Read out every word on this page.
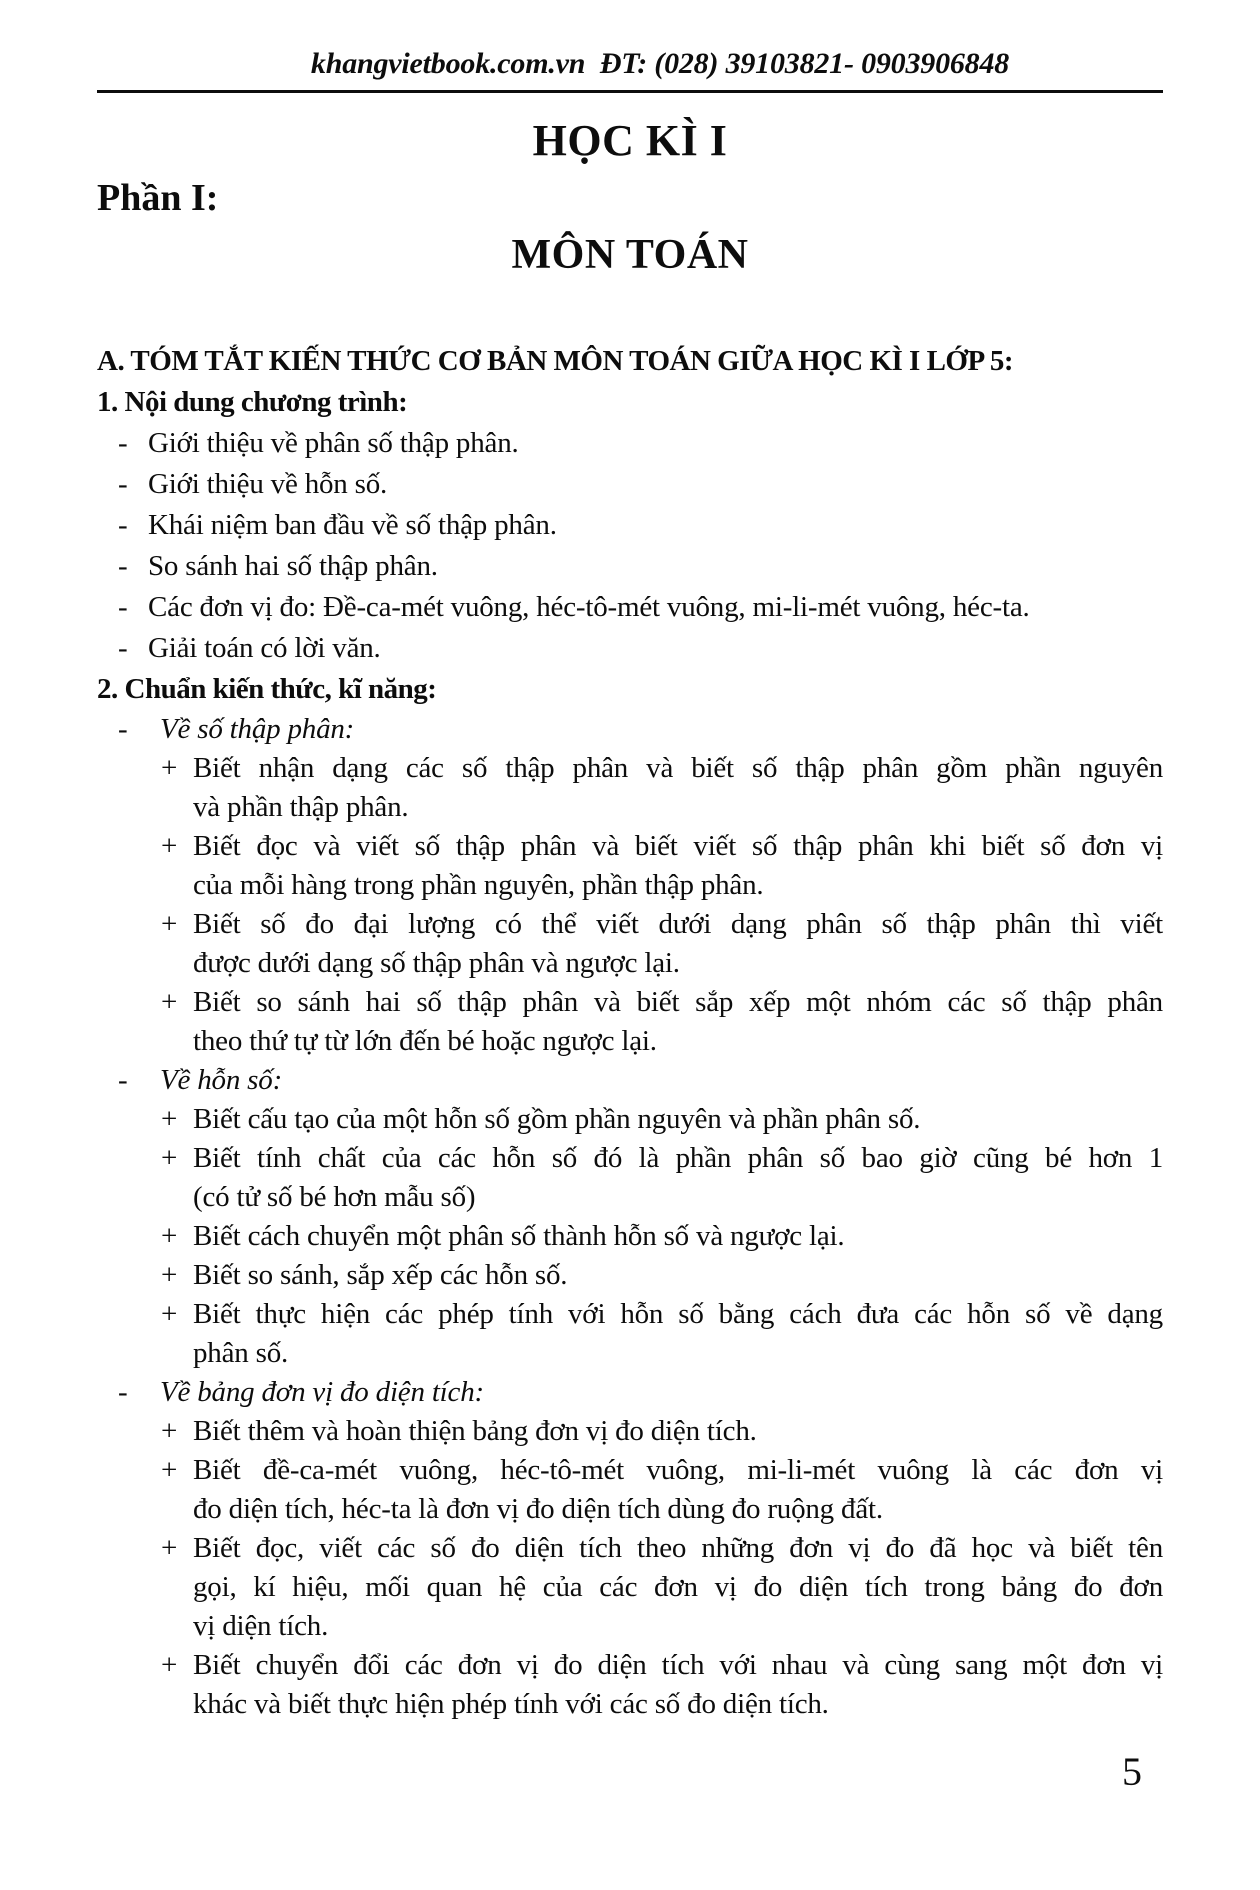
khangvietbook.com.vn  ĐT: (028) 39103821- 0903906848
HỌC KÌ I
Phần I:
MÔN TOÁN
A. TÓM TẮT KIẾN THỨC CƠ BẢN MÔN TOÁN GIỮA HỌC KÌ I LỚP 5:
1. Nội dung chương trình:
- Giới thiệu về phân số thập phân.
- Giới thiệu về hỗn số.
- Khái niệm ban đầu về số thập phân.
- So sánh hai số thập phân.
- Các đơn vị đo: Đề-ca-mét vuông, héc-tô-mét vuông, mi-li-mét vuông, héc-ta.
- Giải toán có lời văn.
2. Chuẩn kiến thức, kĩ năng:
- Về số thập phân:
+ Biết nhận dạng các số thập phân và biết số thập phân gồm phần nguyên
và phần thập phân.
+ Biết đọc và viết số thập phân và biết viết số thập phân khi biết số đơn vị
của mỗi hàng trong phần nguyên, phần thập phân.
+ Biết số đo đại lượng có thể viết dưới dạng phân số thập phân thì viết
được dưới dạng số thập phân và ngược lại.
+ Biết so sánh hai số thập phân và biết sắp xếp một nhóm các số thập phân
theo thứ tự từ lớn đến bé hoặc ngược lại.
- Về hỗn số:
+ Biết cấu tạo của một hỗn số gồm phần nguyên và phần phân số.
+ Biết tính chất của các hỗn số đó là phần phân số bao giờ cũng bé hơn 1
(có tử số bé hơn mẫu số)
+ Biết cách chuyển một phân số thành hỗn số và ngược lại.
+ Biết so sánh, sắp xếp các hỗn số.
+ Biết thực hiện các phép tính với hỗn số bằng cách đưa các hỗn số về dạng
phân số.
- Về bảng đơn vị đo diện tích:
+ Biết thêm và hoàn thiện bảng đơn vị đo diện tích.
+ Biết đề-ca-mét vuông, héc-tô-mét vuông, mi-li-mét vuông là các đơn vị
đo diện tích, héc-ta là đơn vị đo diện tích dùng đo ruộng đất.
+ Biết đọc, viết các số đo diện tích theo những đơn vị đo đã học và biết tên
gọi, kí hiệu, mối quan hệ của các đơn vị đo diện tích trong bảng đo đơn
vị diện tích.
+ Biết chuyển đổi các đơn vị đo diện tích với nhau và cùng sang một đơn vị
khác và biết thực hiện phép tính với các số đo diện tích.
5
